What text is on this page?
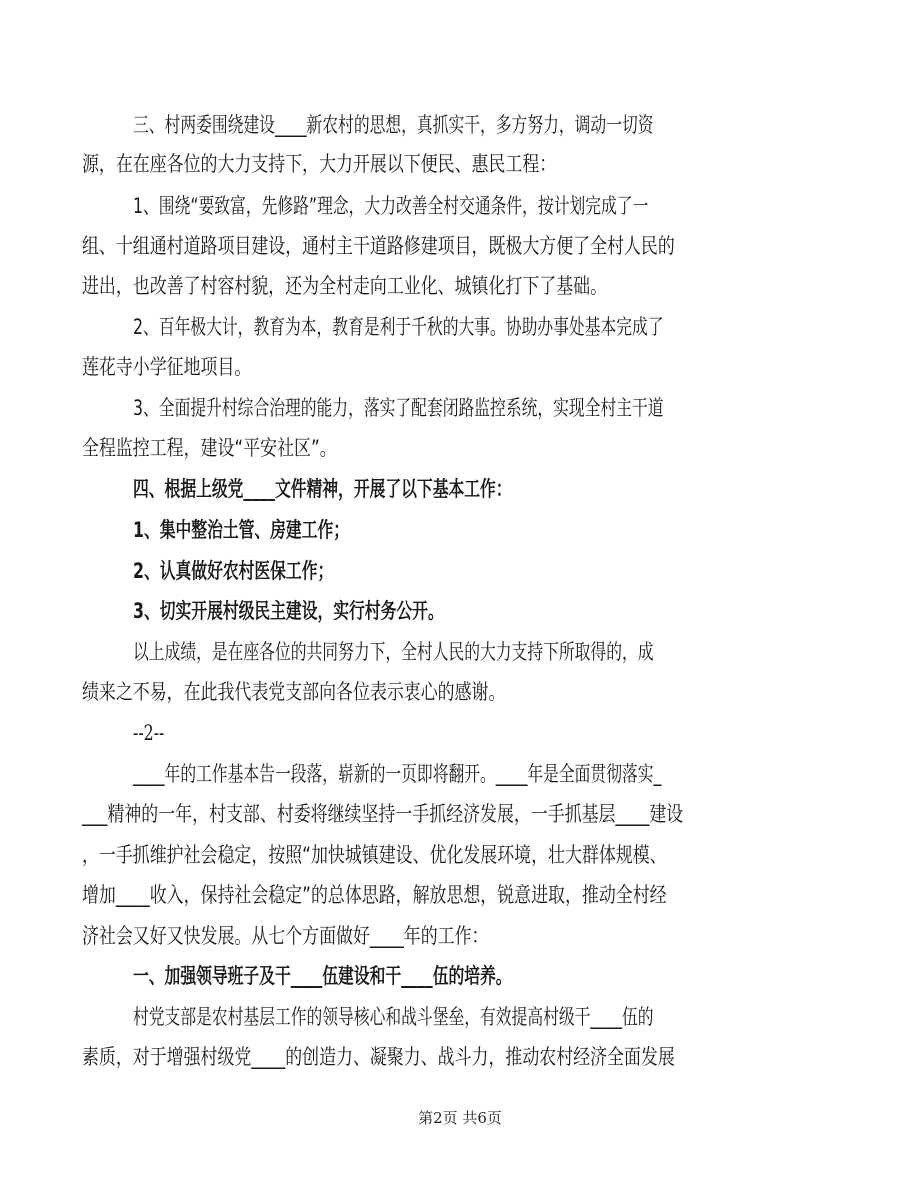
三、村两委围绕建设____新农村的思想，真抓实干，多方努力，调动一切资
源，在在座各位的大力支持下，大力开展以下便民、惠民工程：
1、围绕“要致富，先修路”理念，大力改善全村交通条件，按计划完成了一
组、十组通村道路项目建设，通村主干道路修建项目，既极大方便了全村人民的
进出，也改善了村容村貌，还为全村走向工业化、城镇化打下了基础。
2、百年极大计，教育为本，教育是利于千秋的大事。协助办事处基本完成了
莲花寺小学征地项目。
3、全面提升村综合治理的能力，落实了配套闭路监控系统，实现全村主干道
全程监控工程，建设“平安社区”。
四、根据上级党____文件精神，开展了以下基本工作：
1、集中整治土管、房建工作；
2、认真做好农村医保工作；
3、切实开展村级民主建设，实行村务公开。
以上成绩，是在座各位的共同努力下，全村人民的大力支持下所取得的，成
绩来之不易，在此我代表党支部向各位表示衷心的感谢。
--2--
____年的工作基本告一段落，崭新的一页即将翻开。____年是全面贯彻落实_
___精神的一年，村支部、村委将继续坚持一手抓经济发展，一手抓基层____建设
，一手抓维护社会稳定，按照“加快城镇建设、优化发展环境，壮大群体规模、
增加____收入，保持社会稳定”的总体思路，解放思想，锐意进取，推动全村经
济社会又好又快发展。从七个方面做好____年的工作：
一、加强领导班子及干____伍建设和干____伍的培养。
村党支部是农村基层工作的领导核心和战斗堡垒，有效提高村级干____伍的
素质，对于增强村级党____的创造力、凝聚力、战斗力，推动农村经济全面发展
第2页 共6页
